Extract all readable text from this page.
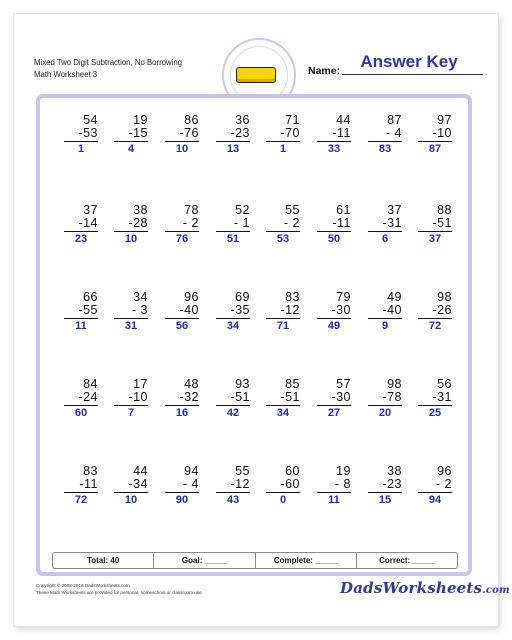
Mixed Two Digit Subtraction, No Borrowing
Math Worksheet 3	Name:	Answer Key
54
-53
1
19
-15
4
86
-76
10
36
-23
13
71
-70
1
44
-11
33
87
- 4
83
97
-10
87
37
-14
23
38
-28
10
78
- 2
76
52
- 1
51
55
- 2
53
61
-11
50
37
-31
6
88
-51
37
66
-55
11
34
- 3
31
96
-40
56
69
-35
34
83
-12
71
79
-30
49
49
-40
9
98
-26
72
84
-24
60
17
-10
7
48
-32
16
93
-51
42
85
-51
34
57
-30
27
98
-78
20
56
-31
25
83
-11
72
44
-34
10
94
- 4
90
55
-12
43
60
-60
0
19
- 8
11
38
-23
15
96
- 2
94
Total: 40	Goal: _____	Complete: _____	Correct: _____
Copyright © 2008-2018 DadsWorksheets.com
These Math Worksheets are provided for personal, homeschool or classroom use.	DadsWorksheets.com
